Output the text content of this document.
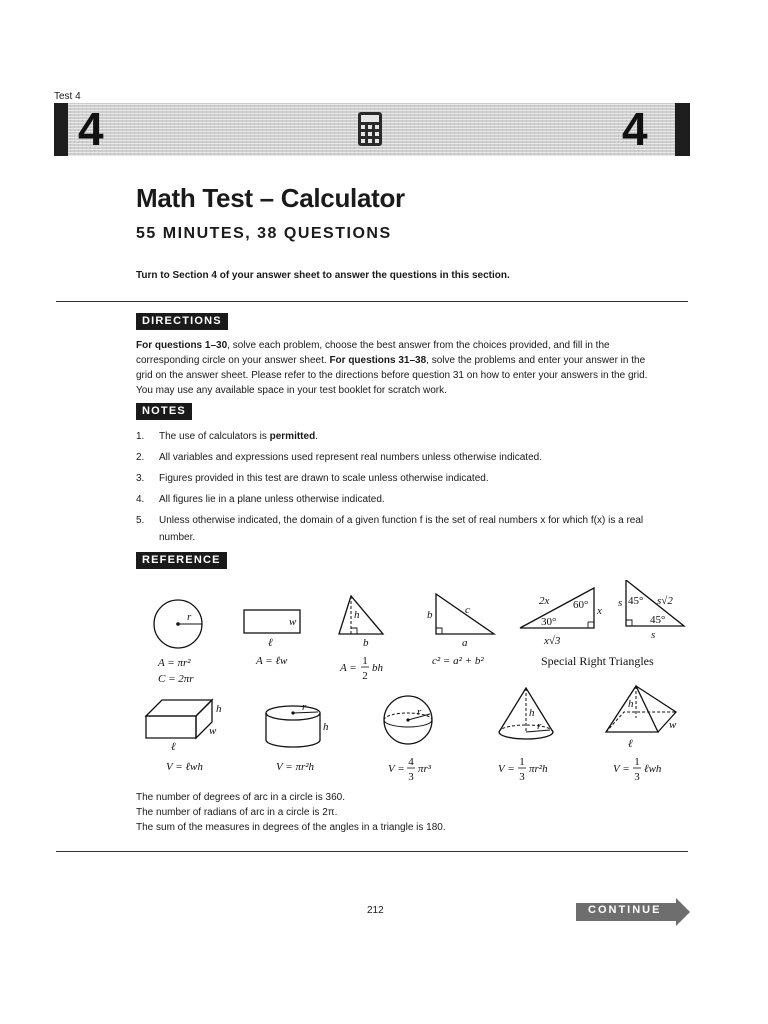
Test 4
4	4
Math Test – Calculator
55 MINUTES, 38 QUESTIONS
Turn to Section 4 of your answer sheet to answer the questions in this section.
DIRECTIONS
For questions 1–30, solve each problem, choose the best answer from the choices provided, and fill in the corresponding circle on your answer sheet. For questions 31–38, solve the problems and enter your answer in the grid on the answer sheet. Please refer to the directions before question 31 on how to enter your answers in the grid. You may use any available space in your test booklet for scratch work.
NOTES
1. The use of calculators is permitted.
2. All variables and expressions used represent real numbers unless otherwise indicated.
3. Figures provided in this test are drawn to scale unless otherwise indicated.
4. All figures lie in a plane unless otherwise indicated.
5. Unless otherwise indicated, the domain of a given function f is the set of real numbers x for which f(x) is a real number.
REFERENCE
r
A = πr²
C = 2πr
w
ℓ
A = ℓw
h
b
A =
1
2
bh
b	c
a
c² = a² + b²
2x 60° x
30°
x√3
45° s√2
s
45°
s
Special Right Triangles
h
w
ℓ
V = ℓwh
r
h
V = πr²h
r
V =
4
3
πr³
h
r
V =
1
3
πr²h
h
w
ℓ
V =
1
3
ℓwh
The number of degrees of arc in a circle is 360.
The number of radians of arc in a circle is 2π.
The sum of the measures in degrees of the angles in a triangle is 180.
212	CONTINUE
